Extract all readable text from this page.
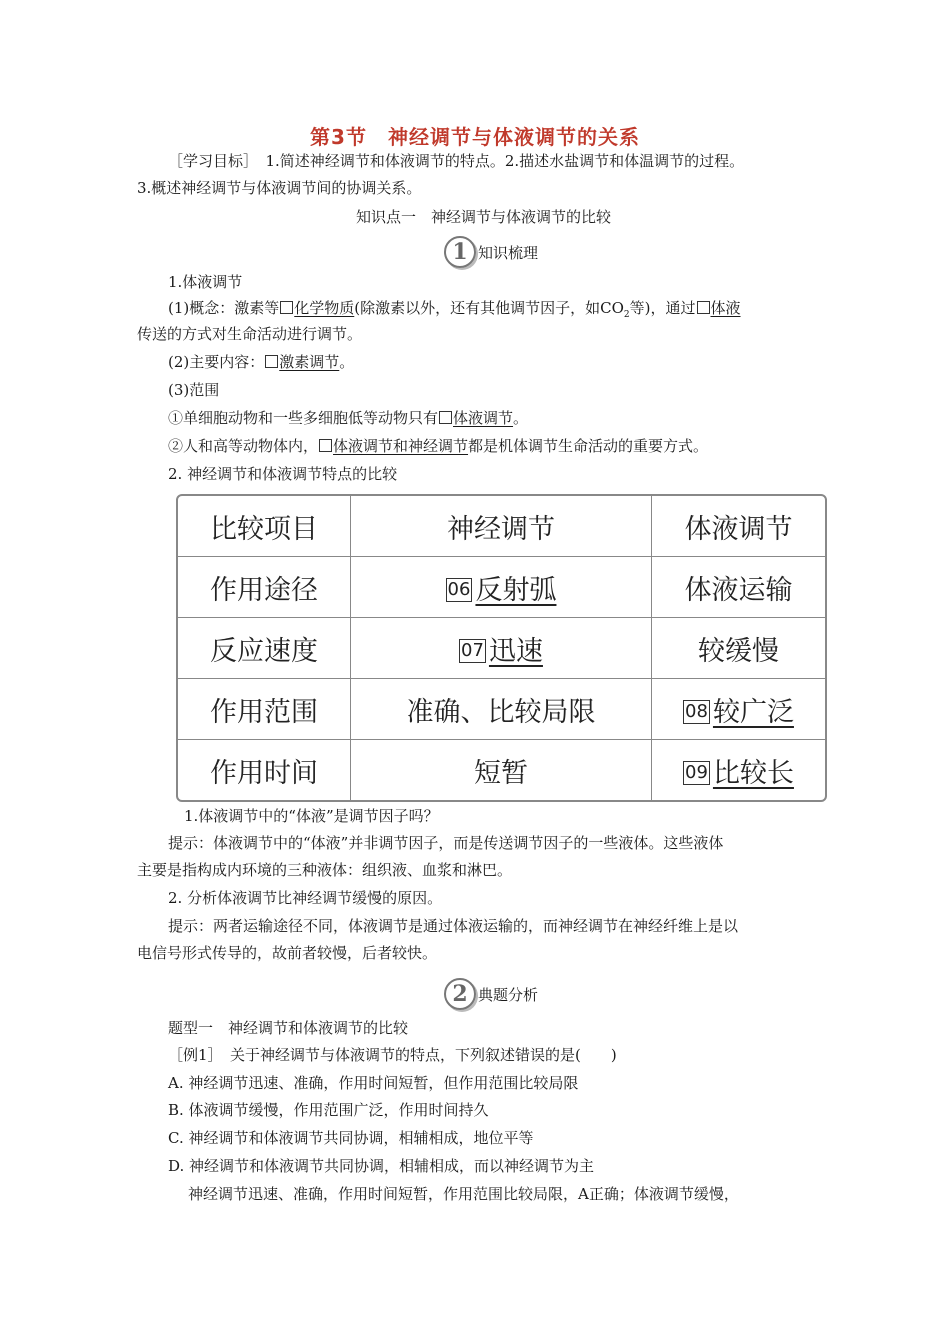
第3节　神经调节与体液调节的关系
［学习目标］　1.简述神经调节和体液调节的特点。2.描述水盐调节和体温调节的过程。
3.概述神经调节与体液调节间的协调关系。
知识点一　神经调节与体液调节的比较
1 知识梳理
1.体液调节
(1)概念：激素等 化学物质(除激素以外，还有其他调节因子，如$CO_2$等)，通过 体液
传送的方式对生命活动进行调节。
(2)主要内容： 激素调节。
(3)范围
①单细胞动物和一些多细胞低等动物只有 体液调节。
②人和高等动物体内， 体液调节和神经调节都是机体调节生命活动的重要方式。
2. 神经调节和体液调节特点的比较
比较项目	神经调节	体液调节
作用途径	06 反射弧	体液运输
反应速度	07 迅速	较缓慢
作用范围	准确、比较局限	08 较广泛
作用时间	短暂	09 比较长
1.体液调节中的“体液”是调节因子吗？
提示：体液调节中的“体液”并非调节因子，而是传送调节因子的一些液体。这些液体
主要是指构成内环境的三种液体：组织液、血浆和淋巴。
2. 分析体液调节比神经调节缓慢的原因。
提示：两者运输途径不同，体液调节是通过体液运输的，而神经调节在神经纤维上是以
电信号形式传导的，故前者较慢，后者较快。
2 典题分析
题型一　神经调节和体液调节的比较
［例1］　关于神经调节与体液调节的特点，下列叙述错误的是(　　)
A. 神经调节迅速、准确，作用时间短暂，但作用范围比较局限
B. 体液调节缓慢，作用范围广泛，作用时间持久
C. 神经调节和体液调节共同协调，相辅相成，地位平等
D. 神经调节和体液调节共同协调，相辅相成，而以神经调节为主
神经调节迅速、准确，作用时间短暂，作用范围比较局限，A正确；体液调节缓慢，
